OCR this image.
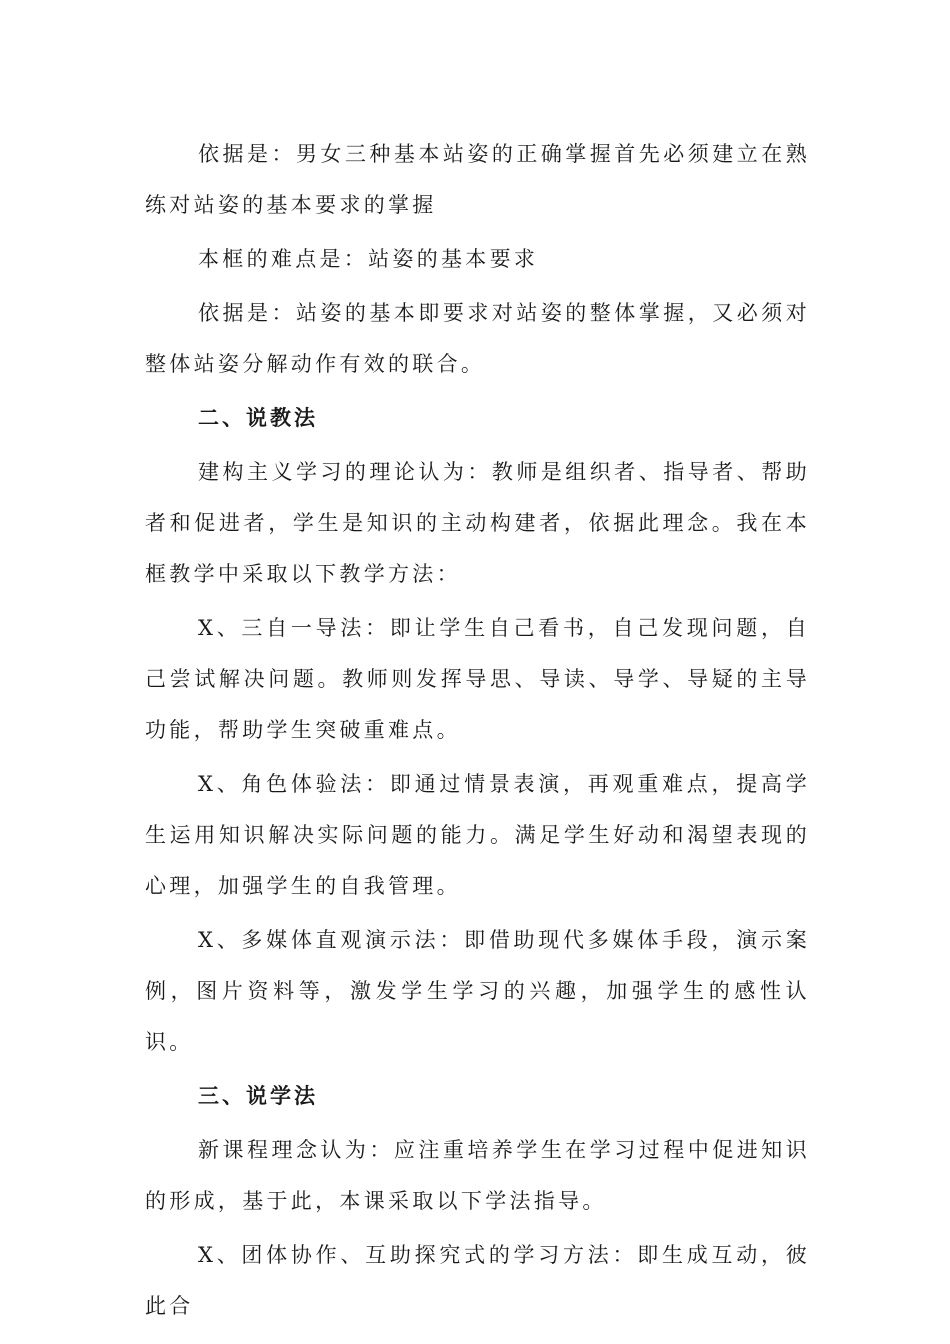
依据是：男女三种基本站姿的正确掌握首先必须建立在熟练对站姿的基本要求的掌握

本框的难点是：站姿的基本要求

依据是：站姿的基本即要求对站姿的整体掌握，又必须对整体站姿分解动作有效的联合。

二、说教法

建构主义学习的理论认为：教师是组织者、指导者、帮助者和促进者，学生是知识的主动构建者，依据此理念。我在本框教学中采取以下教学方法：

X、三自一导法：即让学生自己看书，自己发现问题，自己尝试解决问题。教师则发挥导思、导读、导学、导疑的主导功能，帮助学生突破重难点。

X、角色体验法：即通过情景表演，再观重难点，提高学生运用知识解决实际问题的能力。满足学生好动和渴望表现的心理，加强学生的自我管理。

X、多媒体直观演示法：即借助现代多媒体手段，演示案例，图片资料等，激发学生学习的兴趣，加强学生的感性认识。

三、说学法

新课程理念认为：应注重培养学生在学习过程中促进知识的形成，基于此，本课采取以下学法指导。

X、团体协作、互助探究式的学习方法：即生成互动，彼此合
